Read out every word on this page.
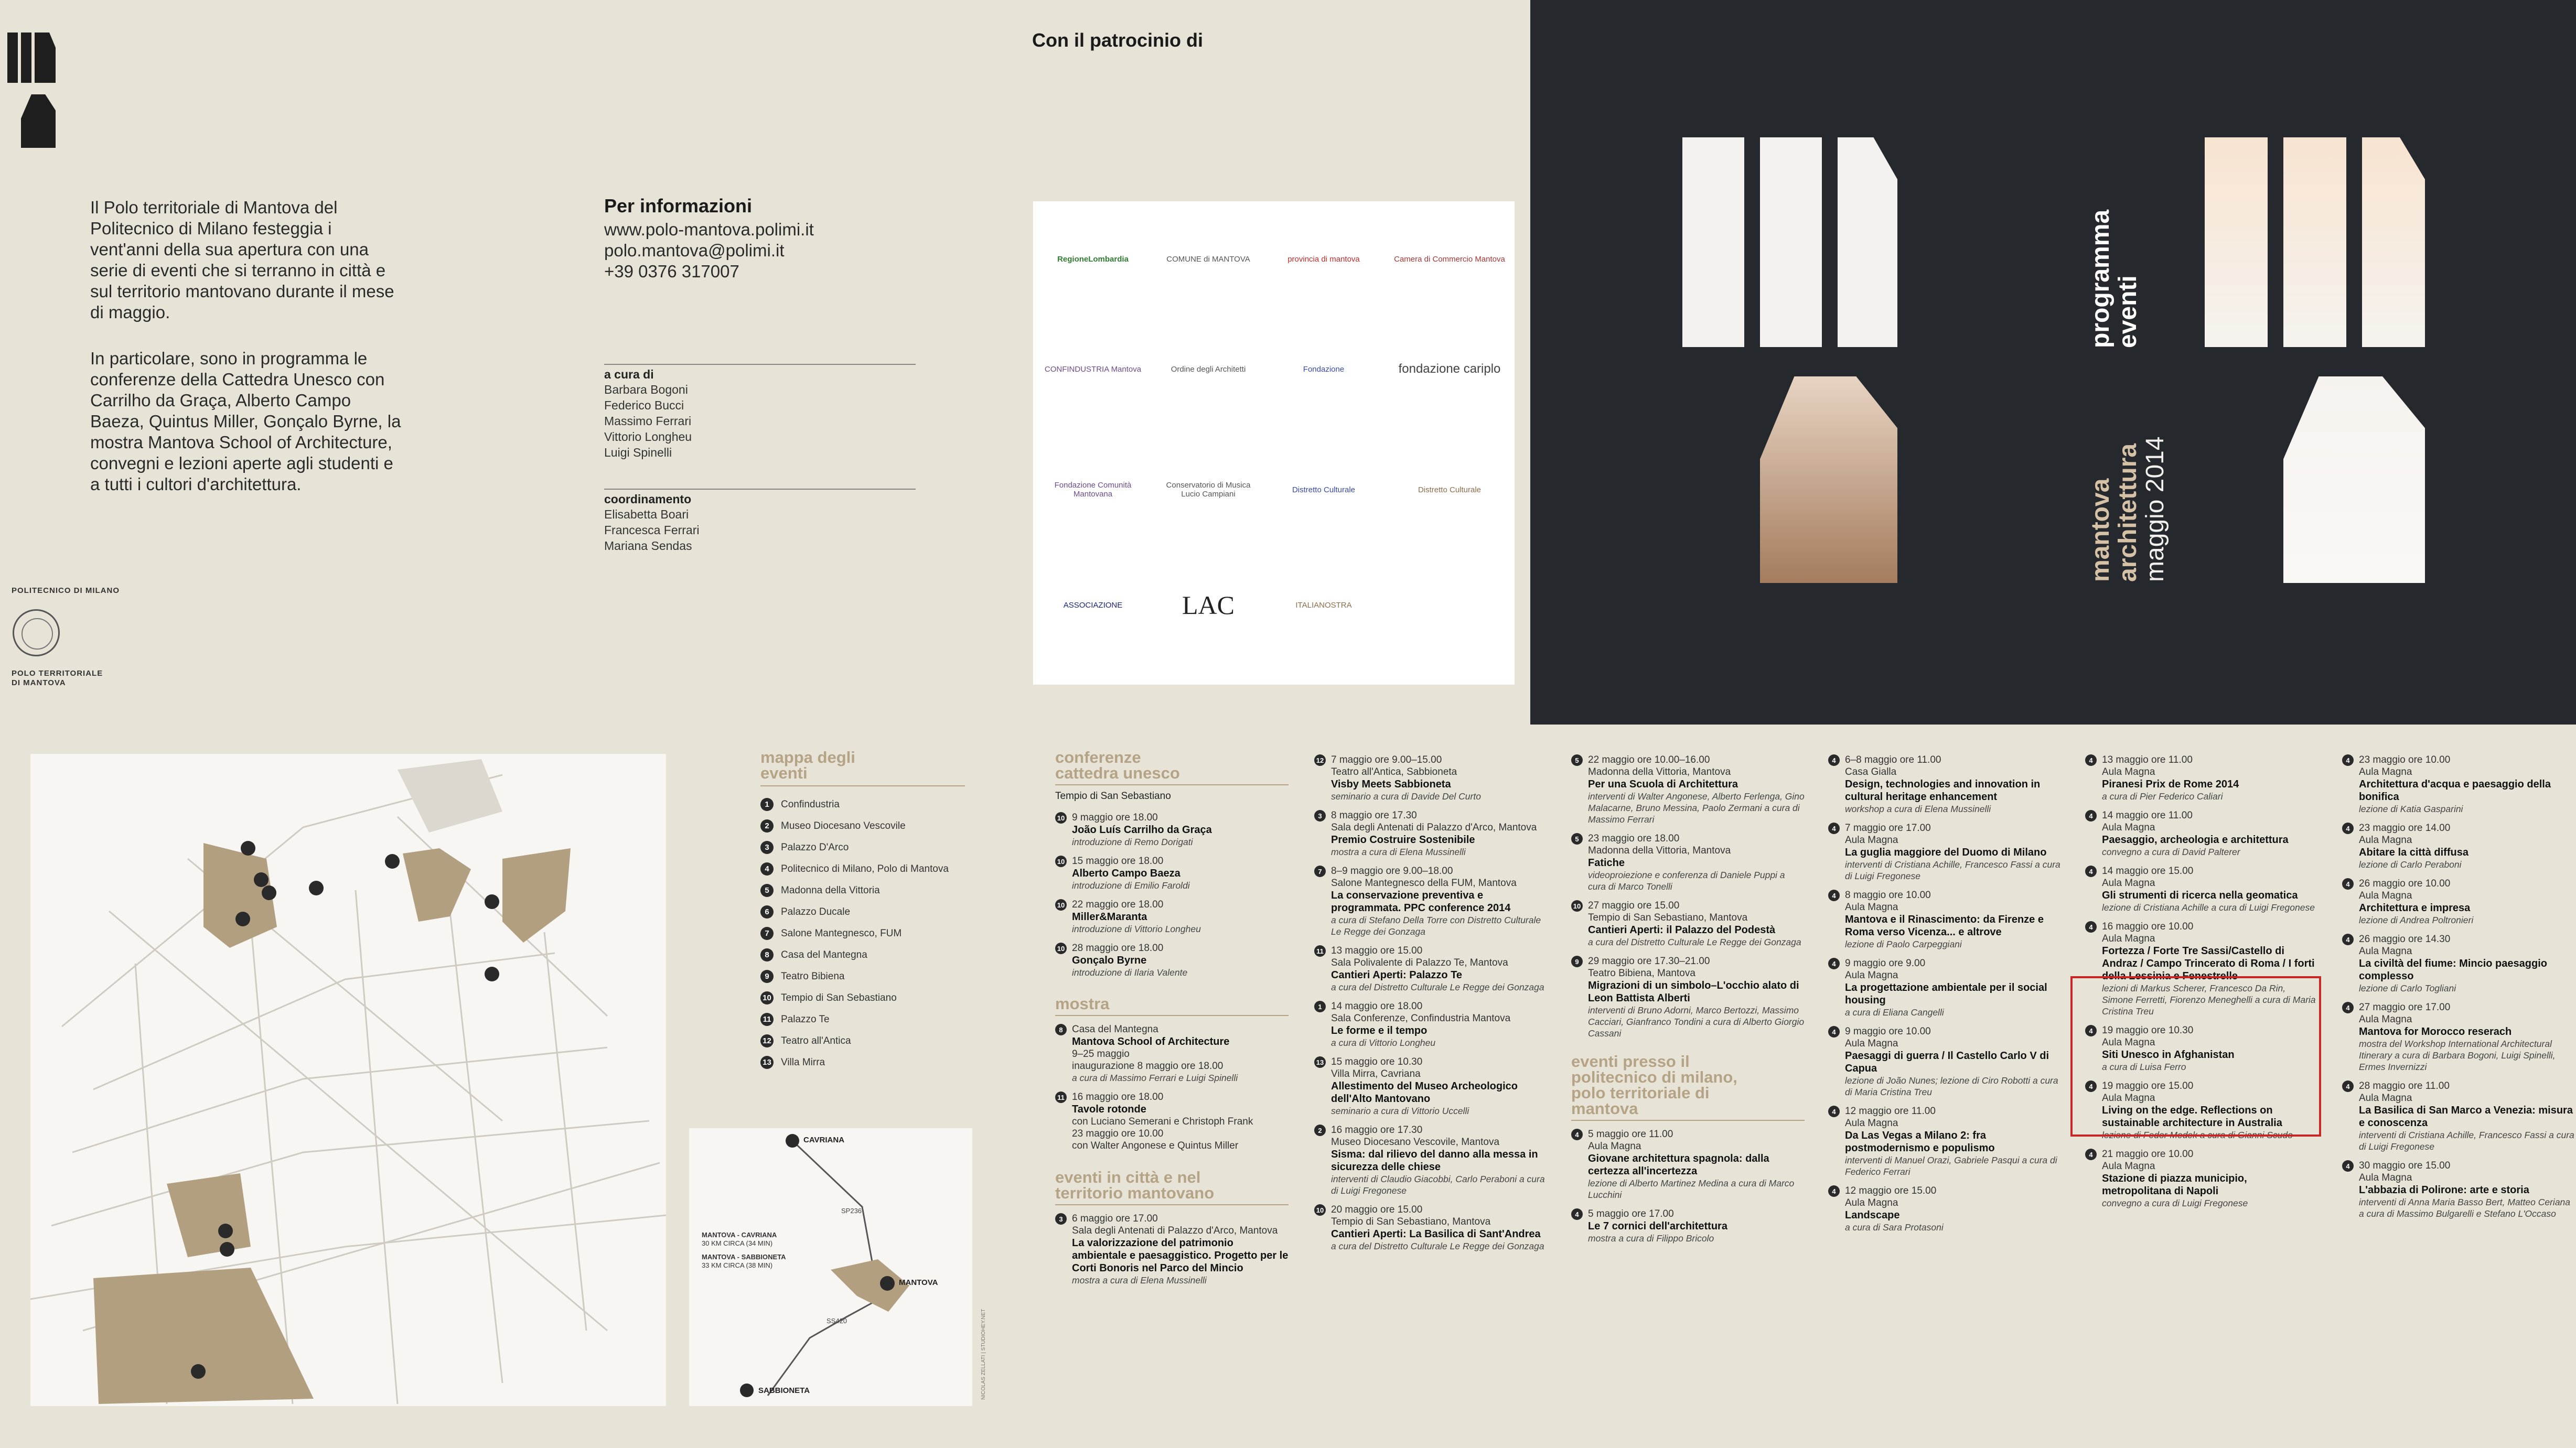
Il Polo territoriale di Mantova del Politecnico di Milano festeggia i vent'anni della sua apertura con una serie di eventi che si terranno in città e sul territorio mantovano durante il mese di maggio.

In particolare, sono in programma le conferenze della Cattedra Unesco con Carrilho da Graça, Alberto Campo Baeza, Quintus Miller, Gonçalo Byrne, la mostra Mantova School of Architecture, convegni e lezioni aperte agli studenti e a tutti i cultori d'architettura.

POLITECNICO DI MILANO
POLO TERRITORIALE
DI MANTOVA
Per informazioni
www.polo-mantova.polimi.it
polo.mantova@polimi.it
+39 0376 317007
a cura di
Barbara Bogoni
Federico Bucci
Massimo Ferrari
Vittorio Longheu
Luigi Spinelli
coordinamento
Elisabetta Boari
Francesca Ferrari
Mariana Sendas
Con il patrocinio di
RegioneLombardia	COMUNE di MANTOVA	provincia di mantova	Camera di Commercio Mantova
CONFINDUSTRIA Mantova	Ordine degli Architetti	Fondazione	fondazione cariplo
Fondazione Comunità Mantovana
Conservatorio di Musica Lucio Campiani	Distretto Culturale	Distretto Culturale
ASSOCIAZIONE	LAC	ITALIANOSTRA
programma eventi
mantova architettura maggio 2014
CAVRIANA
MANTOVA
SABBIONETA
SP236
SS420
MANTOVA - CAVRIANA
30 KM CIRCA (34 MIN)
MANTOVA - SABBIONETA
33 KM CIRCA (38 MIN)
NICOLAS ZELLATI | STUDIOHEY.NET
mappa degli
eventi
1	Confindustria
2	Museo Diocesano Vescovile
3	Palazzo D'Arco
4	Politecnico di Milano, Polo di Mantova
5	Madonna della Vittoria
6	Palazzo Ducale
7	Salone Mantegnesco, FUM
8	Casa del Mantegna
9	Teatro Bibiena
10 Tempio di San Sebastiano
11 Palazzo Te
12 Teatro all'Antica
13 Villa Mirra
conferenze
cattedra unesco
Tempio di San Sebastiano
10 9 maggio ore 18.00
João Luís Carrilho da Graça
introduzione di Remo Dorigati
10 15 maggio ore 18.00
Alberto Campo Baeza
introduzione di Emilio Faroldi
10 22 maggio ore 18.00
Miller&Maranta
introduzione di Vittorio Longheu
10 28 maggio ore 18.00
Gonçalo Byrne
introduzione di Ilaria Valente
mostra
8 Casa del Mantegna
Mantova School of Architecture
9–25 maggio
inaugurazione 8 maggio ore 18.00
a cura di Massimo Ferrari e Luigi Spinelli
11 16 maggio ore 18.00
Tavole rotonde
con Luciano Semerani e Christoph Frank
23 maggio ore 10.00
con Walter Angonese e Quintus Miller
eventi in città e nel
territorio mantovano
3 6 maggio ore 17.00
Sala degli Antenati di Palazzo d'Arco, Mantova
La valorizzazione del patrimonio ambientale e paesaggistico. Progetto per le Corti Bonoris nel Parco del Mincio
mostra a cura di Elena Mussinelli
12 7 maggio ore 9.00–15.00
Teatro all'Antica, Sabbioneta
Visby Meets Sabbioneta
seminario a cura di Davide Del Curto
3 8 maggio ore 17.30
Sala degli Antenati di Palazzo d'Arco, Mantova
Premio Costruire Sostenibile
mostra a cura di Elena Mussinelli
7 8–9 maggio ore 9.00–18.00
Salone Mantegnesco della FUM, Mantova
La conservazione preventiva e programmata. PPC conference 2014
a cura di Stefano Della Torre con Distretto Culturale Le Regge dei Gonzaga
11 13 maggio ore 15.00
Sala Polivalente di Palazzo Te, Mantova
Cantieri Aperti: Palazzo Te
a cura del Distretto Culturale Le Regge dei Gonzaga
1 14 maggio ore 18.00
Sala Conferenze, Confindustria Mantova
Le forme e il tempo
a cura di Vittorio Longheu
13 15 maggio ore 10.30
Villa Mirra, Cavriana
Allestimento del Museo Archeologico dell'Alto Mantovano
seminario a cura di Vittorio Uccelli
2 16 maggio ore 17.30
Museo Diocesano Vescovile, Mantova
Sisma: dal rilievo del danno alla messa in sicurezza delle chiese
interventi di Claudio Giacobbi, Carlo Peraboni a cura di Luigi Fregonese
10 20 maggio ore 15.00
Tempio di San Sebastiano, Mantova
Cantieri Aperti: La Basilica di Sant'Andrea
a cura del Distretto Culturale Le Regge dei Gonzaga
5 22 maggio ore 10.00–16.00
Madonna della Vittoria, Mantova
Per una Scuola di Architettura
interventi di Walter Angonese, Alberto Ferlenga, Gino Malacarne, Bruno Messina, Paolo Zermani a cura di Massimo Ferrari
5 23 maggio ore 18.00
Madonna della Vittoria, Mantova
Fatiche
videoproiezione e conferenza di Daniele Puppi a cura di Marco Tonelli
10 27 maggio ore 15.00
Tempio di San Sebastiano, Mantova
Cantieri Aperti: il Palazzo del Podestà
a cura del Distretto Culturale Le Regge dei Gonzaga
9 29 maggio ore 17.30–21.00
Teatro Bibiena, Mantova
Migrazioni di un simbolo–L'occhio alato di Leon Battista Alberti
interventi di Bruno Adorni, Marco Bertozzi, Massimo Cacciari, Gianfranco Tondini a cura di Alberto Giorgio Cassani
eventi presso il
politecnico di milano,
polo territoriale di
mantova
4 5 maggio ore 11.00
Aula Magna
Giovane architettura spagnola: dalla certezza all'incertezza
lezione di Alberto Martinez Medina a cura di Marco Lucchini
4 5 maggio ore 17.00
Le 7 cornici dell'architettura
mostra a cura di Filippo Bricolo
4 6–8 maggio ore 11.00
Casa Gialla
Design, technologies and innovation in cultural heritage enhancement
workshop a cura di Elena Mussinelli
4 7 maggio ore 17.00
Aula Magna
La guglia maggiore del Duomo di Milano
interventi di Cristiana Achille, Francesco Fassi a cura di Luigi Fregonese
4 8 maggio ore 10.00
Aula Magna
Mantova e il Rinascimento: da Firenze e Roma verso Vicenza... e altrove
lezione di Paolo Carpeggiani
4 9 maggio ore 9.00
Aula Magna
La progettazione ambientale per il social housing
a cura di Eliana Cangelli
4 9 maggio ore 10.00
Aula Magna
Paesaggi di guerra / Il Castello Carlo V di Capua
lezione di João Nunes; lezione di Ciro Robotti a cura di Maria Cristina Treu
4 12 maggio ore 11.00
Aula Magna
Da Las Vegas a Milano 2: fra postmodernismo e populismo
interventi di Manuel Orazi, Gabriele Pasqui a cura di Federico Ferrari
4 12 maggio ore 15.00
Aula Magna
Landscape
a cura di Sara Protasoni
4 13 maggio ore 11.00
Aula Magna
Piranesi Prix de Rome 2014
a cura di Pier Federico Caliari
4 14 maggio ore 11.00
Aula Magna
Paesaggio, archeologia e architettura
convegno a cura di David Palterer
4 14 maggio ore 15.00
Aula Magna
Gli strumenti di ricerca nella geomatica
lezione di Cristiana Achille a cura di Luigi Fregonese
4 16 maggio ore 10.00
Aula Magna
Fortezza / Forte Tre Sassi/Castello di Andraz / Campo Trincerato di Roma / I forti della Lessinia e Fenestrelle
lezioni di Markus Scherer, Francesco Da Rin, Simone Ferretti, Fiorenzo Meneghelli a cura di Maria Cristina Treu
4 19 maggio ore 10.30
Aula Magna
Siti Unesco in Afghanistan
a cura di Luisa Ferro
4 19 maggio ore 15.00
Aula Magna
Living on the edge. Reflections on sustainable architecture in Australia
lezione di Fedor Medek a cura di Gianni Scudo
4 21 maggio ore 10.00
Aula Magna
Stazione di piazza municipio, metropolitana di Napoli
convegno a cura di Luigi Fregonese
4 23 maggio ore 10.00
Aula Magna
Architettura d'acqua e paesaggio della bonifica
lezione di Katia Gasparini
4 23 maggio ore 14.00
Aula Magna
Abitare la città diffusa
lezione di Carlo Peraboni
4 26 maggio ore 10.00
Aula Magna
Architettura e impresa
lezione di Andrea Poltronieri
4 26 maggio ore 14.30
Aula Magna
La civiltà del fiume: Mincio paesaggio complesso
lezione di Carlo Togliani
4 27 maggio ore 17.00
Aula Magna
Mantova for Morocco reserach
mostra del Workshop International Architectural Itinerary a cura di Barbara Bogoni, Luigi Spinelli, Ermes Invernizzi
4 28 maggio ore 11.00
Aula Magna
La Basilica di San Marco a Venezia: misura e conoscenza
interventi di Cristiana Achille, Francesco Fassi a cura di Luigi Fregonese
4 30 maggio ore 15.00
Aula Magna
L'abbazia di Polirone: arte e storia
interventi di Anna Maria Basso Bert, Matteo Ceriana a cura di Massimo Bulgarelli e Stefano L'Occaso
